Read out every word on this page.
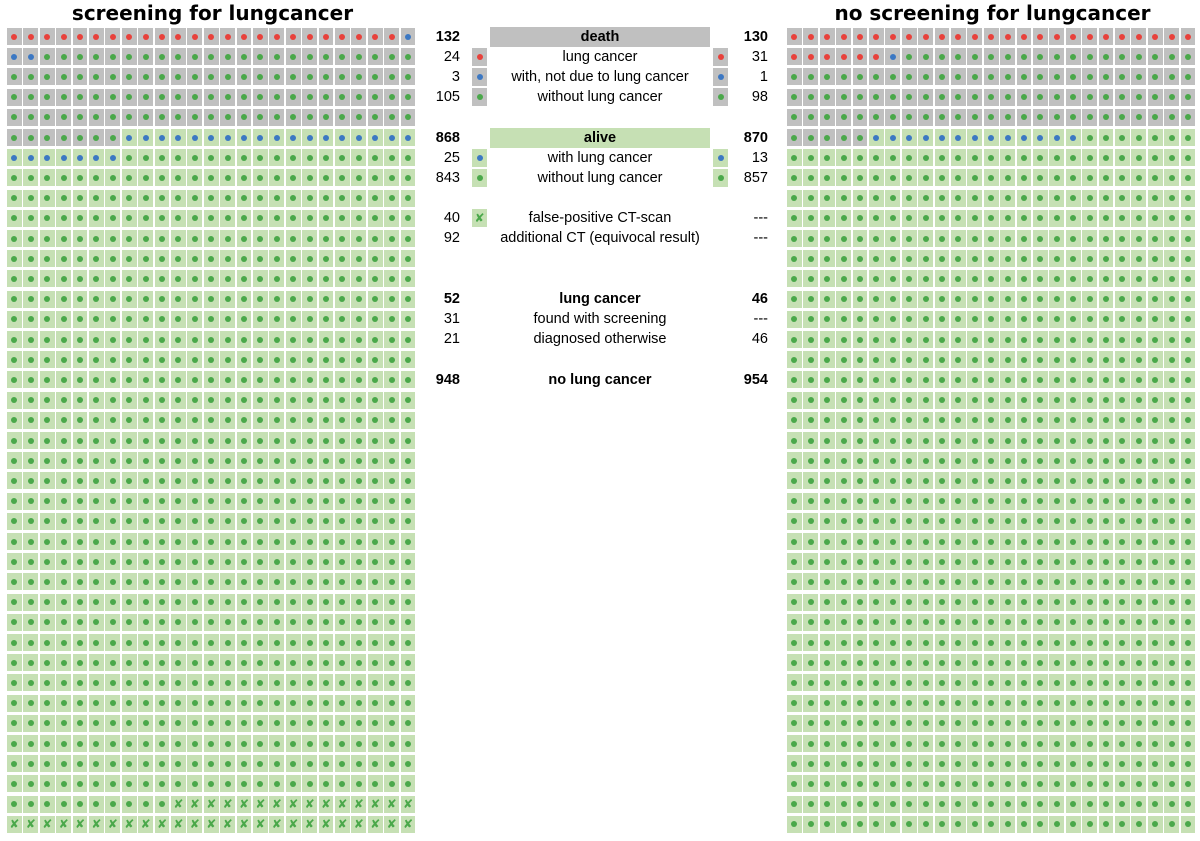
screening for lungcancer	no screening for lungcancer
✘ ✘ ✘ ✘ ✘ ✘ ✘ ✘ ✘ ✘ ✘ ✘ ✘ ✘ ✘
✘ ✘ ✘ ✘ ✘ ✘ ✘ ✘ ✘ ✘ ✘ ✘ ✘ ✘ ✘ ✘ ✘ ✘ ✘ ✘ ✘ ✘ ✘ ✘ ✘
132	death	130
24	lung cancer	31
3	with, not due to lung cancer	1
105	without lung cancer	98
868	alive	870
25	with lung cancer	13
843	without lung cancer	857
40 ✘	false-positive CT-scan	---
92	additional CT (equivocal result)	---
52	lung cancer	46
31	found with screening	---
21	diagnosed otherwise	46
948	no lung cancer	954
